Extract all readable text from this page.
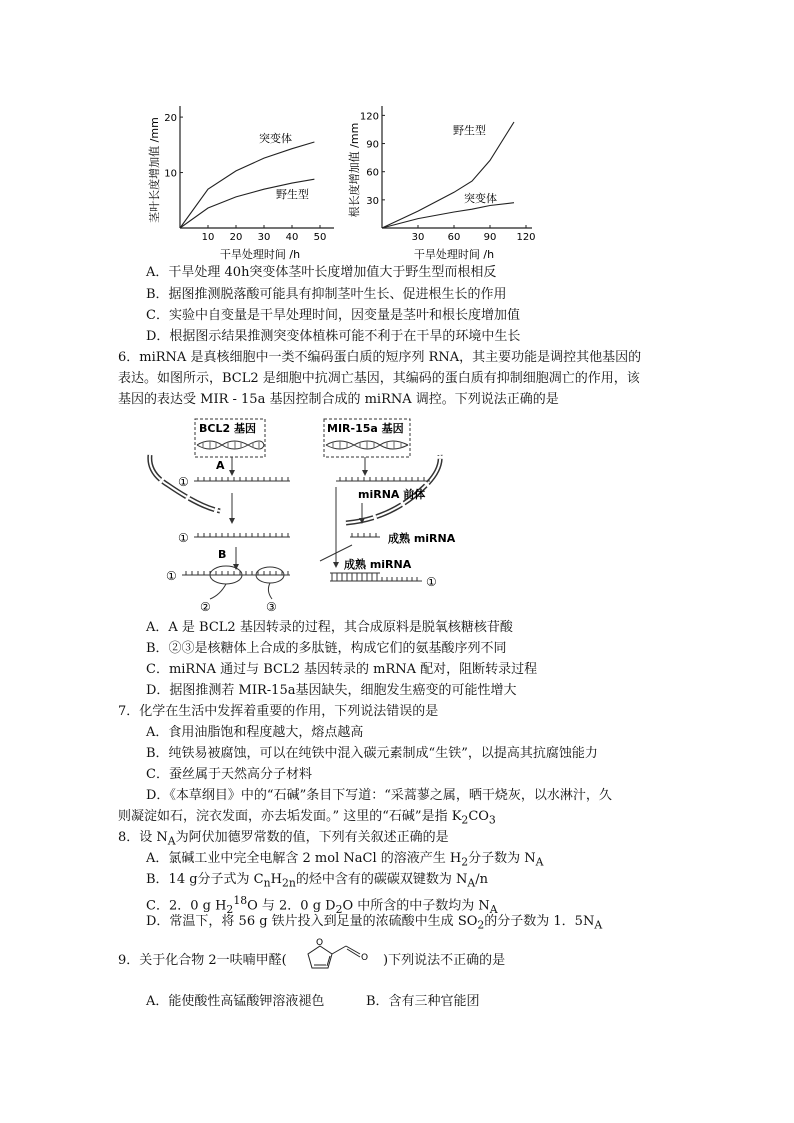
茎叶长度增加值 /mm
干旱处理时间 /h
突变体
野生型
10 20 30 40 50
10
20
根长度增加值 /mm
干旱处理时间 /h
野生型
突变体
30 60 90 120
30
60
90
120
A．干旱处理 40h突变体茎叶长度增加值大于野生型而根相反
B．据图推测脱落酸可能具有抑制茎叶生长、促进根生长的作用
C．实验中自变量是干旱处理时间，因变量是茎叶和根长度增加值
D．根据图示结果推测突变体植株可能不利于在干旱的环境中生长
6．miRNA 是真核细胞中一类不编码蛋白质的短序列 RNA，其主要功能是调控其他基因的
表达。如图所示，BCL2 是细胞中抗凋亡基因，其编码的蛋白质有抑制细胞凋亡的作用，该
基因的表达受 MIR - 15a 基因控制合成的 miRNA 调控。下列说法正确的是
BCL2 基因	MIR-15a 基因
A
①
miRNA 前体
①	成熟 miRNA
B
①
②	③
成熟 miRNA
①
A．A 是 BCL2 基因转录的过程，其合成原料是脱氧核糖核苷酸
B．②③是核糖体上合成的多肽链，构成它们的氨基酸序列不同
C．miRNA 通过与 BCL2 基因转录的 mRNA 配对，阻断转录过程
D．据图推测若 MIR-15a基因缺失，细胞发生癌变的可能性增大
7．化学在生活中发挥着重要的作用，下列说法错误的是
A．食用油脂饱和程度越大，熔点越高
B．纯铁易被腐蚀，可以在纯铁中混入碳元素制成“生铁”，以提高其抗腐蚀能力
C．蚕丝属于天然高分子材料
D．《本草纲目》中的“石碱”条目下写道：“采蒿蓼之属，晒干烧灰，以水淋汁，久
则凝淀如石，浣衣发面，亦去垢发面。” 这里的“石碱”是指 $K_2CO_3$
8．设 $N_A$为阿伏加德罗常数的值，下列有关叙述正确的是
A．氯碱工业中完全电解含 2 mol NaCl 的溶液产生 $H_2$分子数为 $N_A$
B．14 g分子式为 $C_nH_{2n}$的烃中含有的碳碳双键数为 $N_A/n$
C．2．0 g $H_2^{18}O$ 与 2．0 g $D_2O$ 中所含的中子数均为 $N_A$
D．常温下，将 56 g 铁片投入到足量的浓硫酸中生成 $SO_2$的分子数为 1．$5N_A$
9．关于化合物 2一呋喃甲醛(
O
O )下列说法不正确的是
A．能使酸性高锰酸钾溶液褪色	B．含有三种官能团
